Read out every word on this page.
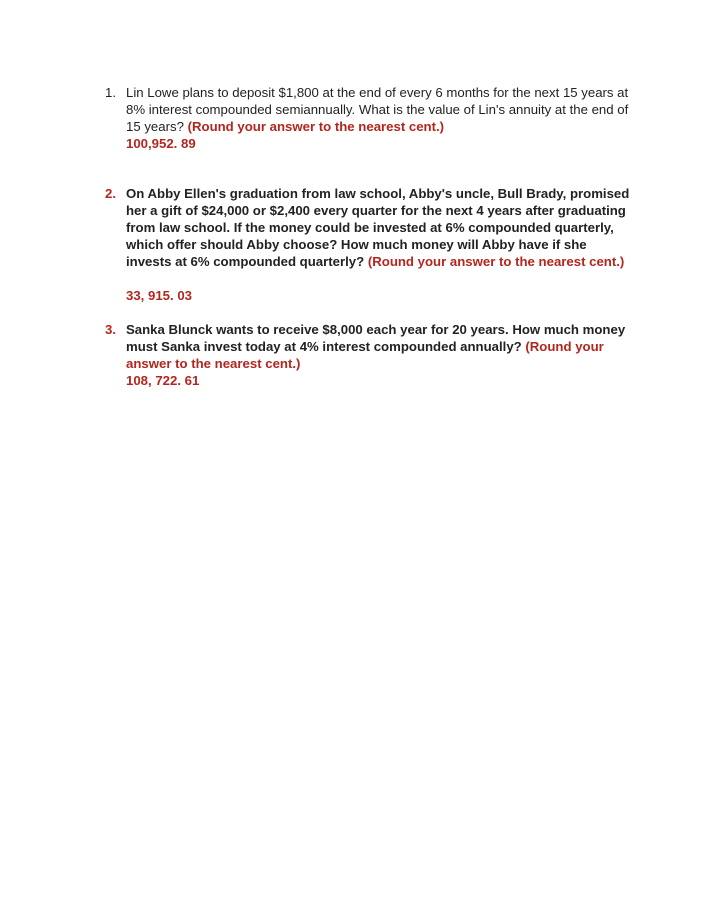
1. Lin Lowe plans to deposit $1,800 at the end of every 6 months for the next 15 years at 8% interest compounded semiannually. What is the value of Lin's annuity at the end of 15 years? (Round your answer to the nearest cent.)
100,952. 89
2. On Abby Ellen's graduation from law school, Abby's uncle, Bull Brady, promised her a gift of $24,000 or $2,400 every quarter for the next 4 years after graduating from law school. If the money could be invested at 6% compounded quarterly, which offer should Abby choose? How much money will Abby have if she invests at 6% compounded quarterly? (Round your answer to the nearest cent.)
33, 915. 03
3. Sanka Blunck wants to receive $8,000 each year for 20 years. How much money must Sanka invest today at 4% interest compounded annually? (Round your answer to the nearest cent.)
108, 722. 61
